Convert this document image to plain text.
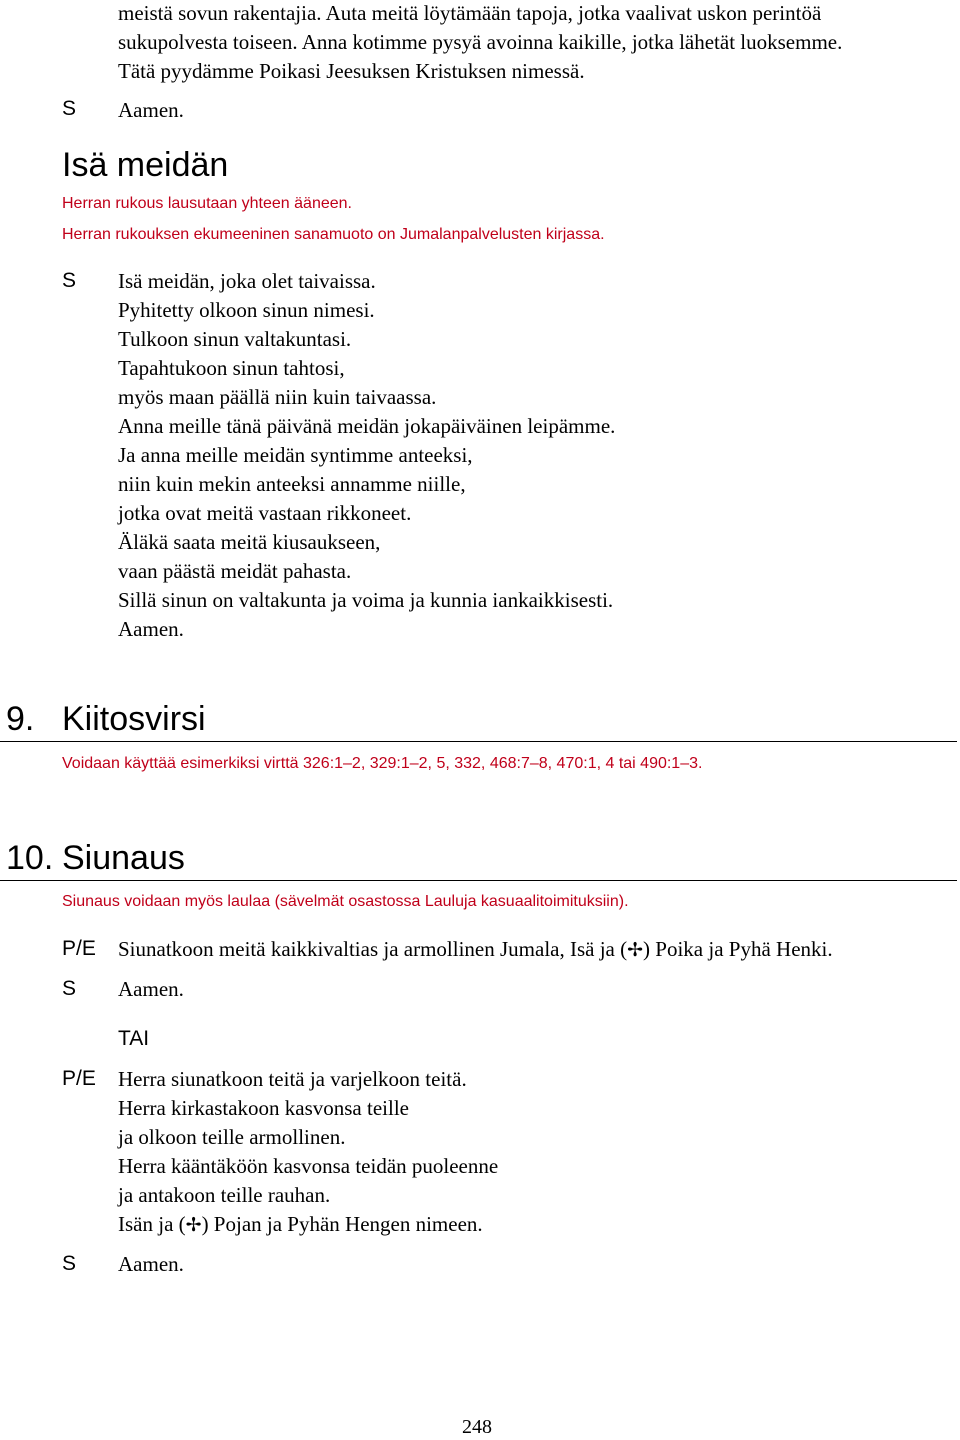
meistä sovun rakentajia. Auta meitä löytämään tapoja, jotka vaalivat uskon perintöä
sukupolvesta toiseen. Anna kotimme pysyä avoinna kaikille, jotka lähetät luoksemme.
Tätä pyydämme Poikasi Jeesuksen Kristuksen nimessä.
S Aamen.
Isä meidän
Herran rukous lausutaan yhteen ääneen.
Herran rukouksen ekumeeninen sanamuoto on Jumalanpalvelusten kirjassa.
S Isä meidän, joka olet taivaissa.
Pyhitetty olkoon sinun nimesi.
Tulkoon sinun valtakuntasi.
Tapahtukoon sinun tahtosi,
myös maan päällä niin kuin taivaassa.
Anna meille tänä päivänä meidän jokapäiväinen leipämme.
Ja anna meille meidän syntimme anteeksi,
niin kuin mekin anteeksi annamme niille,
jotka ovat meitä vastaan rikkoneet.
Äläkä saata meitä kiusaukseen,
vaan päästä meidät pahasta.
Sillä sinun on valtakunta ja voima ja kunnia iankaikkisesti.
Aamen.
9. Kiitosvirsi
Voidaan käyttää esimerkiksi virttä 326:1–2, 329:1–2, 5, 332, 468:7–8, 470:1, 4 tai 490:1–3.
10. Siunaus
Siunaus voidaan myös laulaa (sävelmät osastossa Lauluja kasuaalitoimituksiin).
P/E Siunatkoon meitä kaikkivaltias ja armollinen Jumala, Isä ja (✢) Poika ja Pyhä Henki.
S Aamen.
TAI
P/E Herra siunatkoon teitä ja varjelkoon teitä.
Herra kirkastakoon kasvonsa teille
ja olkoon teille armollinen.
Herra kääntäköön kasvonsa teidän puoleenne
ja antakoon teille rauhan.
Isän ja (✢) Pojan ja Pyhän Hengen nimeen.
S Aamen.
248
